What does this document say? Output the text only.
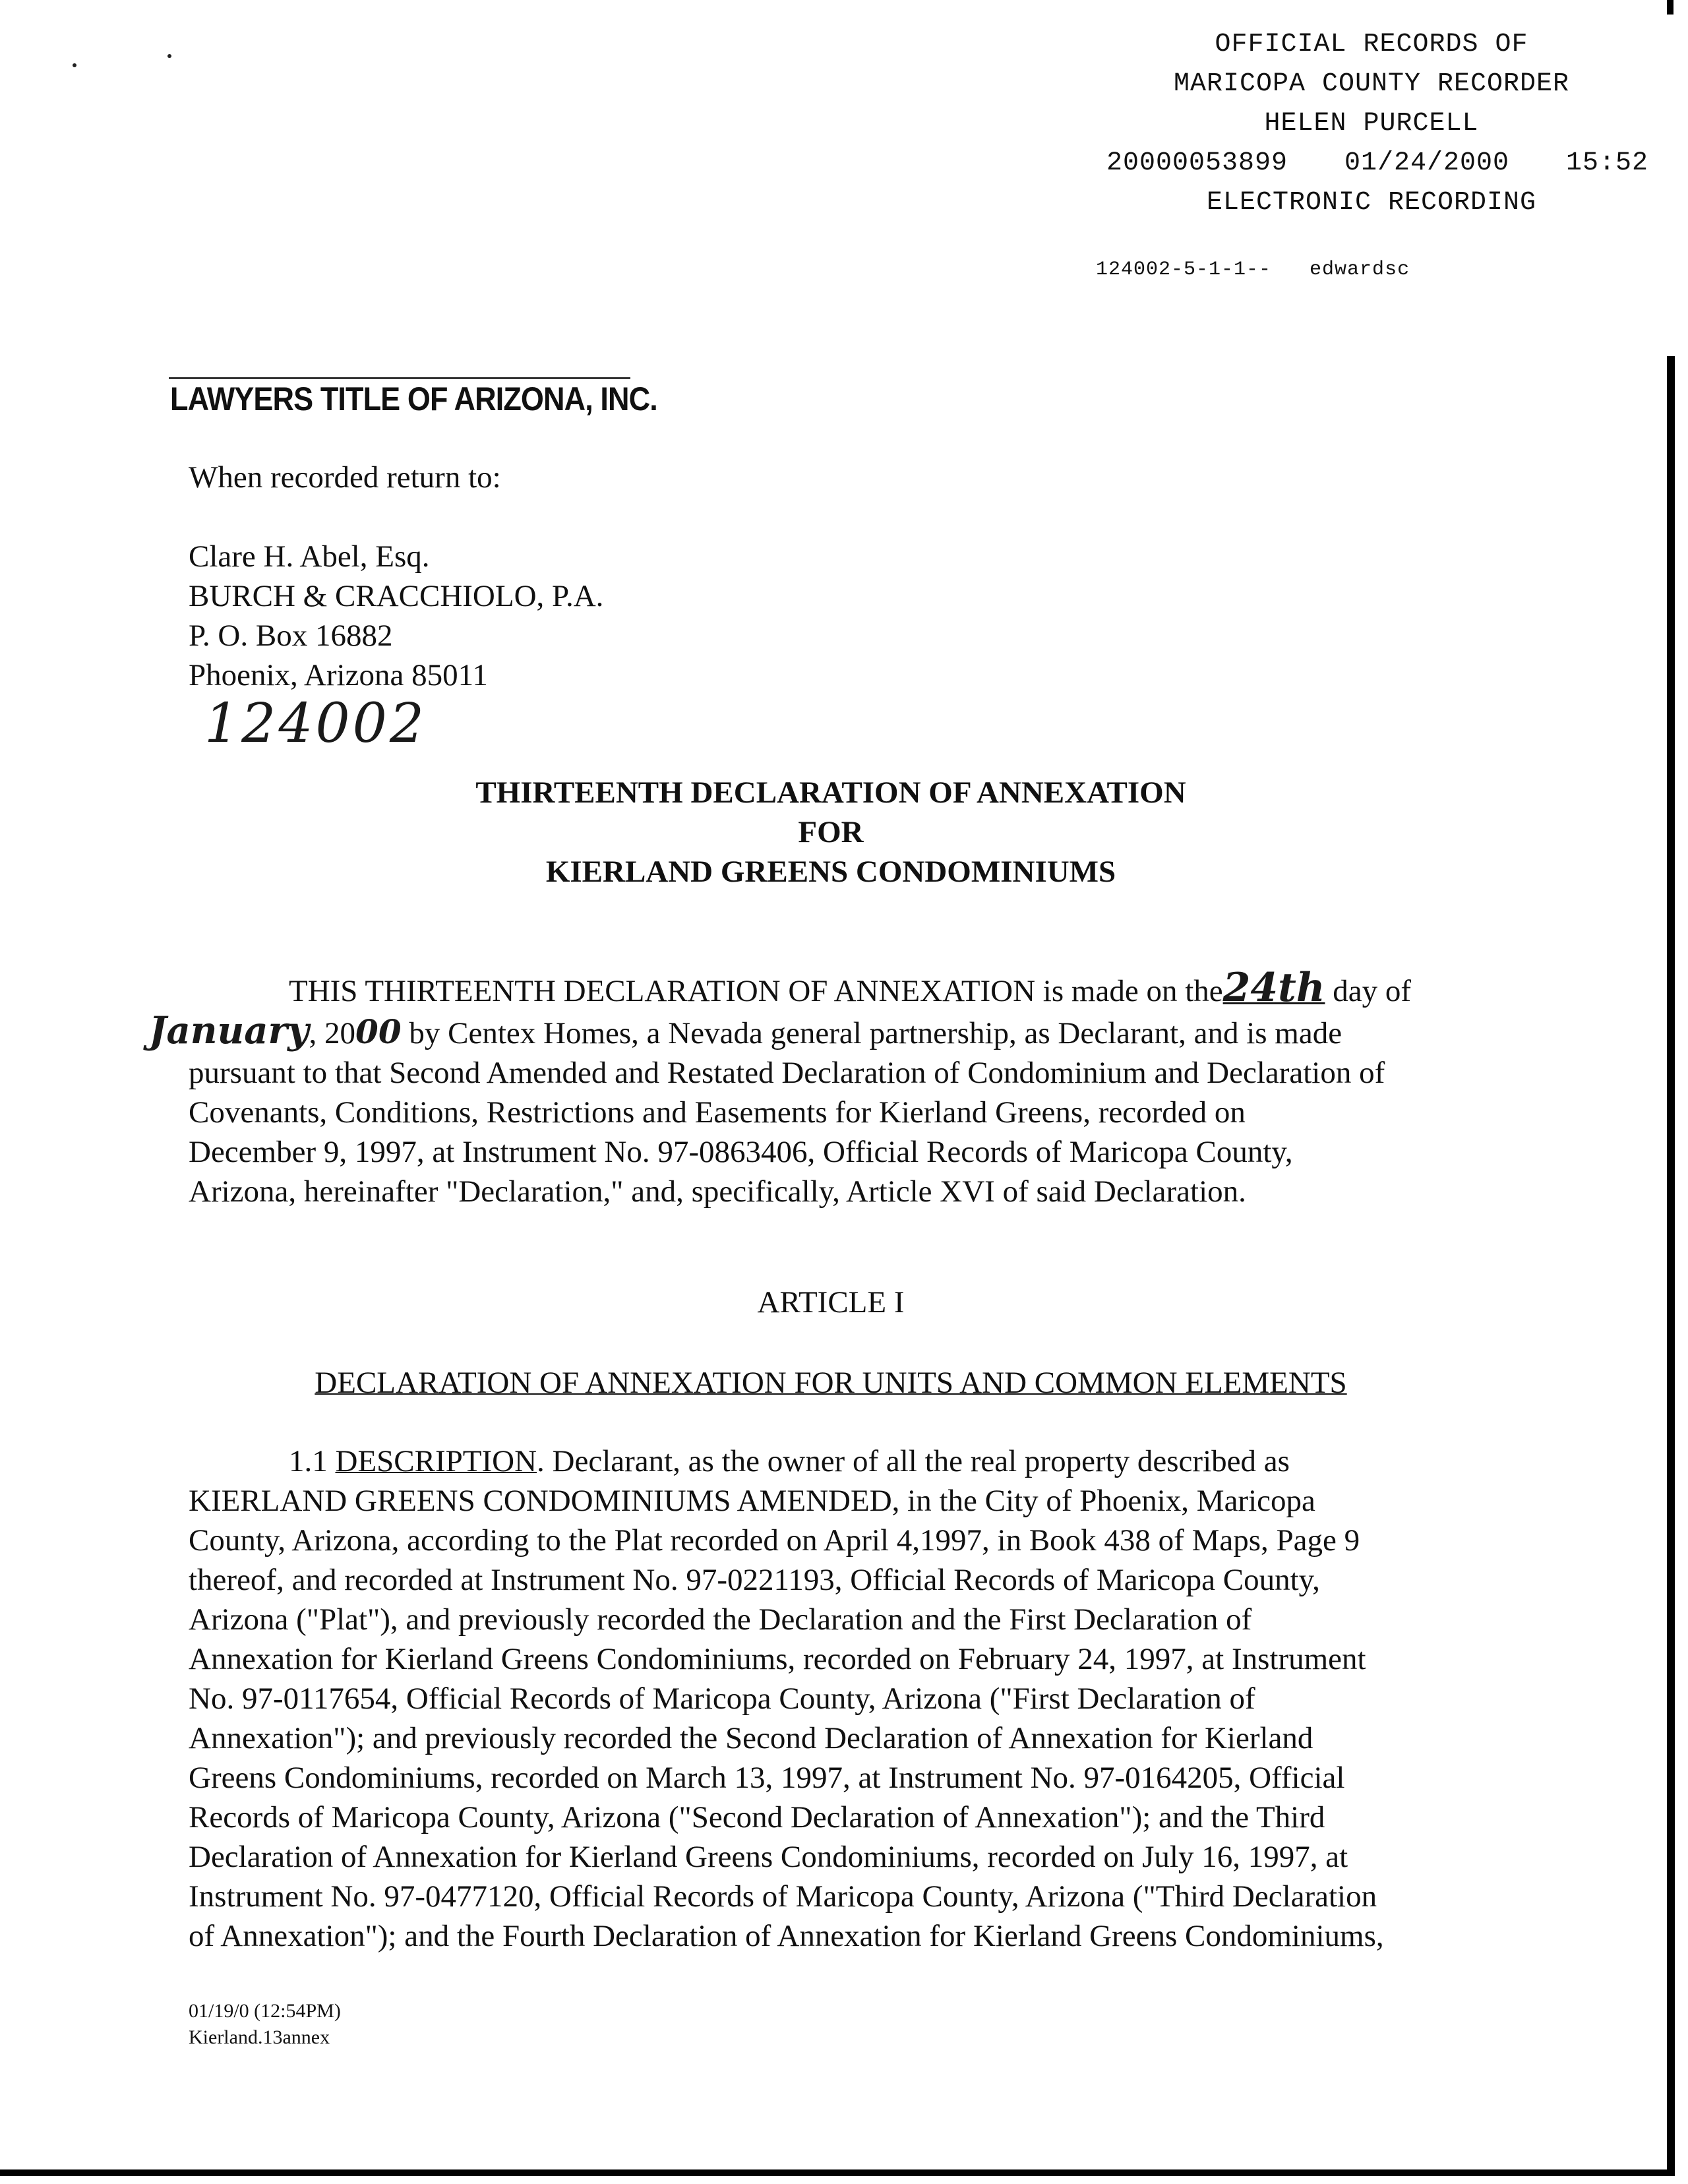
OFFICIAL RECORDS OF
MARICOPA COUNTY RECORDER
HELEN PURCELL
20000053899 01/24/2000 15:52
ELECTRONIC RECORDING
124002-5-1-1-- edwardsc
LAWYERS TITLE OF ARIZONA, INC.
When recorded return to:
Clare H. Abel, Esq.
BURCH & CRACCHIOLO, P.A.
P. O. Box 16882
Phoenix, Arizona 85011
124002
THIRTEENTH DECLARATION OF ANNEXATION
FOR
KIERLAND GREENS CONDOMINIUMS

THIS THIRTEENTH DECLARATION OF ANNEXATION is made on the24th day of

January, 2000 by Centex Homes, a Nevada general partnership, as Declarant, and is made

pursuant to that Second Amended and Restated Declaration of Condominium and Declaration of

Covenants, Conditions, Restrictions and Easements for Kierland Greens, recorded on

December 9, 1997, at Instrument No. 97-0863406, Official Records of Maricopa County,

Arizona, hereinafter "Declaration," and, specifically, Article XVI of said Declaration.

ARTICLE I
DECLARATION OF ANNEXATION FOR UNITS AND COMMON ELEMENTS

1.1 DESCRIPTION. Declarant, as the owner of all the real property described as

KIERLAND GREENS CONDOMINIUMS AMENDED, in the City of Phoenix, Maricopa

County, Arizona, according to the Plat recorded on April 4,1997, in Book 438 of Maps, Page 9

thereof, and recorded at Instrument No. 97-0221193, Official Records of Maricopa County,

Arizona ("Plat"), and previously recorded the Declaration and the First Declaration of

Annexation for Kierland Greens Condominiums, recorded on February 24, 1997, at Instrument

No. 97-0117654, Official Records of Maricopa County, Arizona ("First Declaration of

Annexation"); and previously recorded the Second Declaration of Annexation for Kierland

Greens Condominiums, recorded on March 13, 1997, at Instrument No. 97-0164205, Official

Records of Maricopa County, Arizona ("Second Declaration of Annexation"); and the Third

Declaration of Annexation for Kierland Greens Condominiums, recorded on July 16, 1997, at

Instrument No. 97-0477120, Official Records of Maricopa County, Arizona ("Third Declaration

of Annexation"); and the Fourth Declaration of Annexation for Kierland Greens Condominiums,

01/19/0 (12:54PM)
Kierland.13annex
